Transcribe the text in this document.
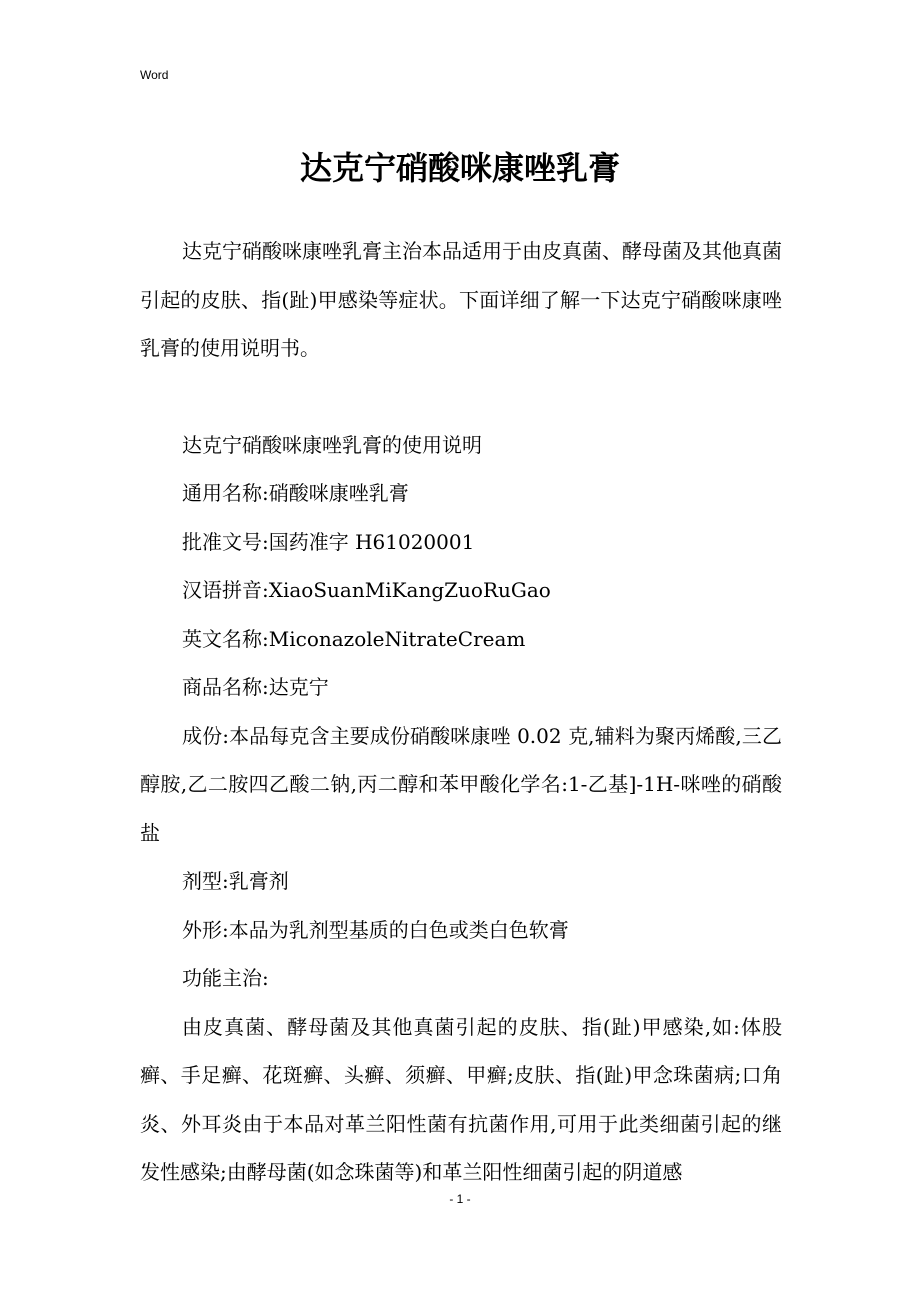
Word

达克宁硝酸咪康唑乳膏

达克宁硝酸咪康唑乳膏主治本品适用于由皮真菌、酵母菌及其他真菌引起的皮肤、指(趾)甲感染等症状。下面详细了解一下达克宁硝酸咪康唑乳膏的使用说明书。

达克宁硝酸咪康唑乳膏的使用说明

通用名称:硝酸咪康唑乳膏

批准文号:国药准字 H61020001

汉语拼音:XiaoSuanMiKangZuoRuGao

英文名称:MiconazoleNitrateCream

商品名称:达克宁

成份:本品每克含主要成份硝酸咪康唑 0.02 克,辅料为聚丙烯酸,三乙醇胺,乙二胺四乙酸二钠,丙二醇和苯甲酸化学名:1-乙基]-1H-咪唑的硝酸盐

剂型:乳膏剂

外形:本品为乳剂型基质的白色或类白色软膏

功能主治:

由皮真菌、酵母菌及其他真菌引起的皮肤、指(趾)甲感染,如:体股癣、手足癣、花斑癣、头癣、须癣、甲癣;皮肤、指(趾)甲念珠菌病;口角炎、外耳炎由于本品对革兰阳性菌有抗菌作用,可用于此类细菌引起的继发性感染;由酵母菌(如念珠菌等)和革兰阳性细菌引起的阴道感

- 1 -
